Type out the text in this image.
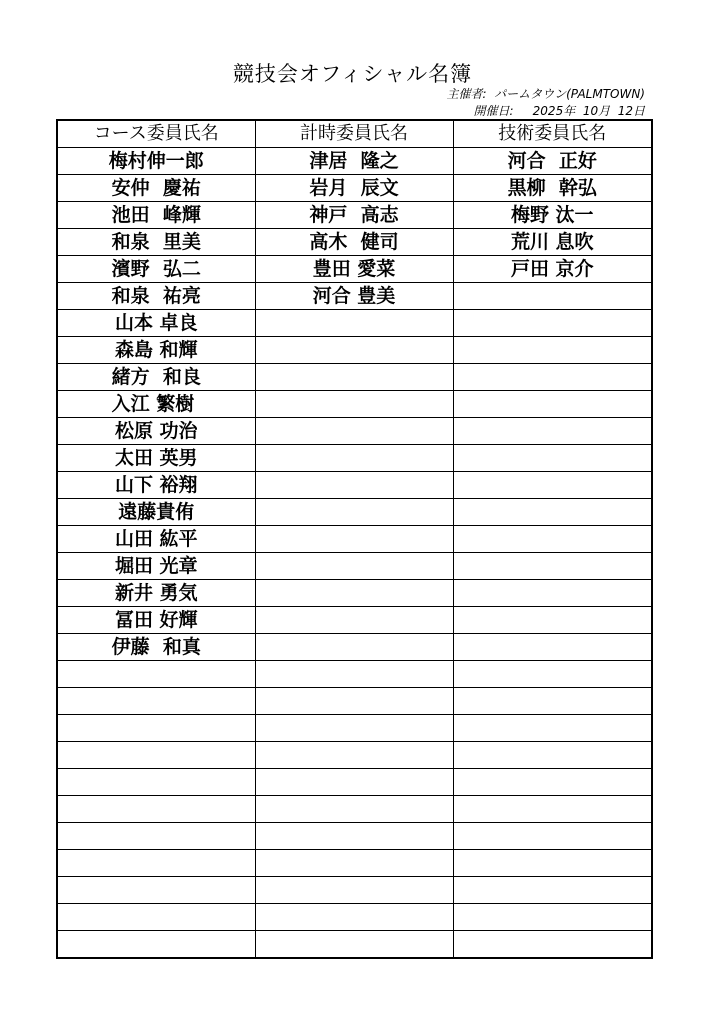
競技会オフィシャル名簿
主催者:  パームタウン(PALMTOWN)
開催日:     2025年  10月  12日
コース委員氏名	計時委員氏名	技術委員氏名
梅村伸一郎	津居  隆之	河合  正好
安仲  慶祐	岩月  辰文	黒柳  幹弘
池田  峰輝	神戸  高志	梅野 汰一
和泉  里美	高木  健司	荒川 息吹
濱野  弘二	豊田 愛菜	戸田 京介
和泉  祐亮	河合 豊美	
山本 卓良		
森島 和輝		
緒方  和良		
入江 繁樹		
松原 功治		
太田 英男		
山下 裕翔		
遠藤貴侑		
山田 紘平		
堀田 光章		
新井 勇気		
冨田 好輝		
伊藤  和真		
